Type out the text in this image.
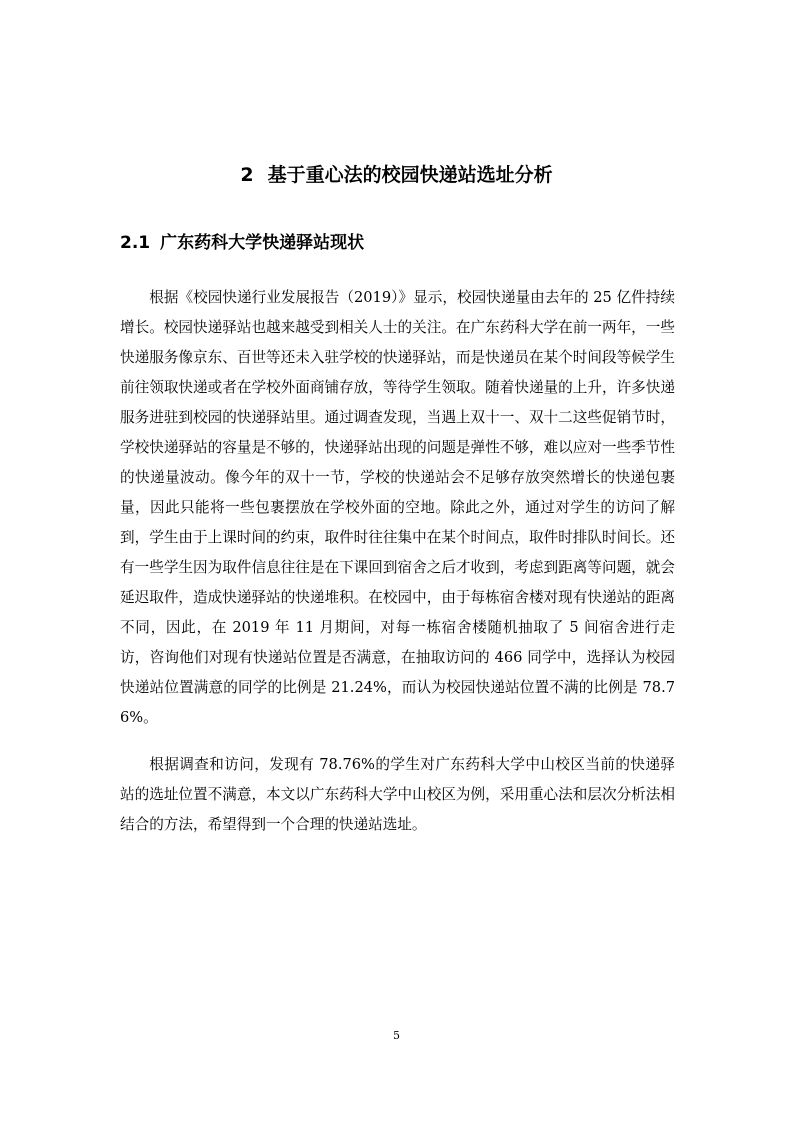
2 基于重心法的校园快递站选址分析
2.1 广东药科大学快递驿站现状

根据《校园快递行业发展报告（2019）》显示，校园快递量由去年的 25 亿件持续增长。校园快递驿站也越来越受到相关人士的关注。在广东药科大学在前一两年，一些快递服务像京东、百世等还未入驻学校的快递驿站，而是快递员在某个时间段等候学生前往领取快递或者在学校外面商铺存放，等待学生领取。随着快递量的上升，许多快递服务进驻到校园的快递驿站里。通过调查发现，当遇上双十一、双十二这些促销节时，学校快递驿站的容量是不够的，快递驿站出现的问题是弹性不够，难以应对一些季节性的快递量波动。像今年的双十一节，学校的快递站会不足够存放突然增长的快递包裹量，因此只能将一些包裹摆放在学校外面的空地。除此之外，通过对学生的访问了解到，学生由于上课时间的约束，取件时往往集中在某个时间点，取件时排队时间长。还有一些学生因为取件信息往往是在下课回到宿舍之后才收到，考虑到距离等问题，就会延迟取件，造成快递驿站的快递堆积。在校园中，由于每栋宿舍楼对现有快递站的距离不同，因此，在 2019 年 11 月期间，对每一栋宿舍楼随机抽取了 5 间宿舍进行走访，咨询他们对现有快递站位置是否满意，在抽取访问的 466 同学中，选择认为校园快递站位置满意的同学的比例是 21.24%，而认为校园快递站位置不满的比例是 78.76%。

根据调查和访问，发现有 78.76%的学生对广东药科大学中山校区当前的快递驿站的选址位置不满意，本文以广东药科大学中山校区为例，采用重心法和层次分析法相结合的方法，希望得到一个合理的快递站选址。

5
